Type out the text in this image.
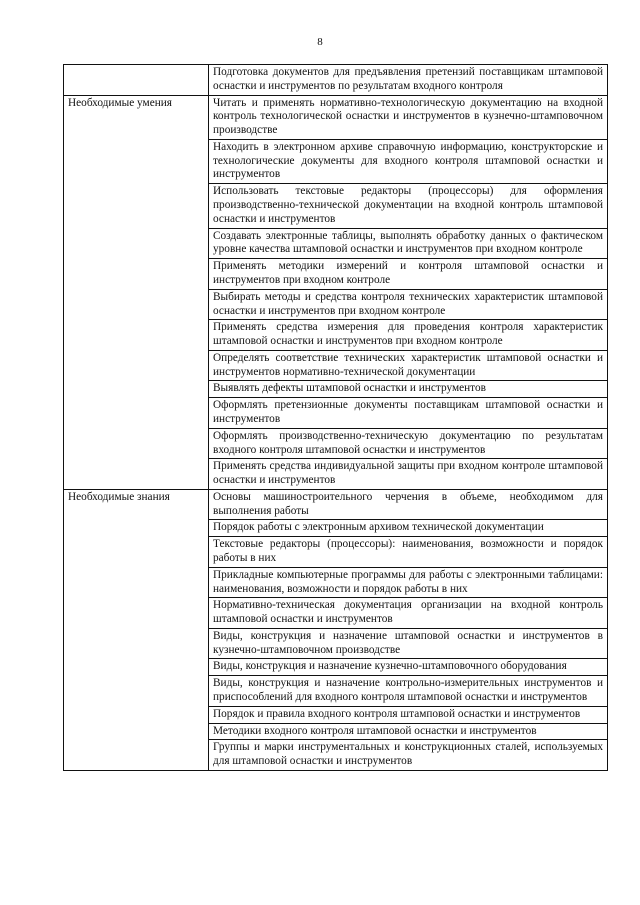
8
	Подготовка документов для предъявления претензий поставщикам штамповой оснастки и инструментов по результатам входного контроля
Необходимые умения	Читать и применять нормативно-технологическую документацию на входной контроль технологической оснастки и инструментов в кузнечно-штамповочном производстве
	Находить в электронном архиве справочную информацию, конструкторские и технологические документы для входного контроля штамповой оснастки и инструментов
	Использовать текстовые редакторы (процессоры) для оформления производственно-технической документации на входной контроль штамповой оснастки и инструментов
	Создавать электронные таблицы, выполнять обработку данных о фактическом уровне качества штамповой оснастки и инструментов при входном контроле
	Применять методики измерений и контроля штамповой оснастки и инструментов при входном контроле
	Выбирать методы и средства контроля технических характеристик штамповой оснастки и инструментов при входном контроле
	Применять средства измерения для проведения контроля характеристик штамповой оснастки и инструментов при входном контроле
	Определять соответствие технических характеристик штамповой оснастки и инструментов нормативно-технической документации
	Выявлять дефекты штамповой оснастки и инструментов
	Оформлять претензионные документы поставщикам штамповой оснастки и инструментов
	Оформлять производственно-техническую документацию по результатам входного контроля штамповой оснастки и инструментов
	Применять средства индивидуальной защиты при входном контроле штамповой оснастки и инструментов
Необходимые знания	Основы машиностроительного черчения в объеме, необходимом для выполнения работы
	Порядок работы с электронным архивом технической документации
	Текстовые редакторы (процессоры): наименования, возможности и порядок работы в них
	Прикладные компьютерные программы для работы с электронными таблицами: наименования, возможности и порядок работы в них
	Нормативно-техническая документация организации на входной контроль штамповой оснастки и инструментов
	Виды, конструкция и назначение штамповой оснастки и инструментов в кузнечно-штамповочном производстве
	Виды, конструкция и назначение кузнечно-штамповочного оборудования
	Виды, конструкция и назначение контрольно-измерительных инструментов и приспособлений для входного контроля штамповой оснастки и инструментов
	Порядок и правила входного контроля штамповой оснастки и инструментов
	Методики входного контроля штамповой оснастки и инструментов
	Группы и марки инструментальных и конструкционных сталей, используемых для штамповой оснастки и инструментов
